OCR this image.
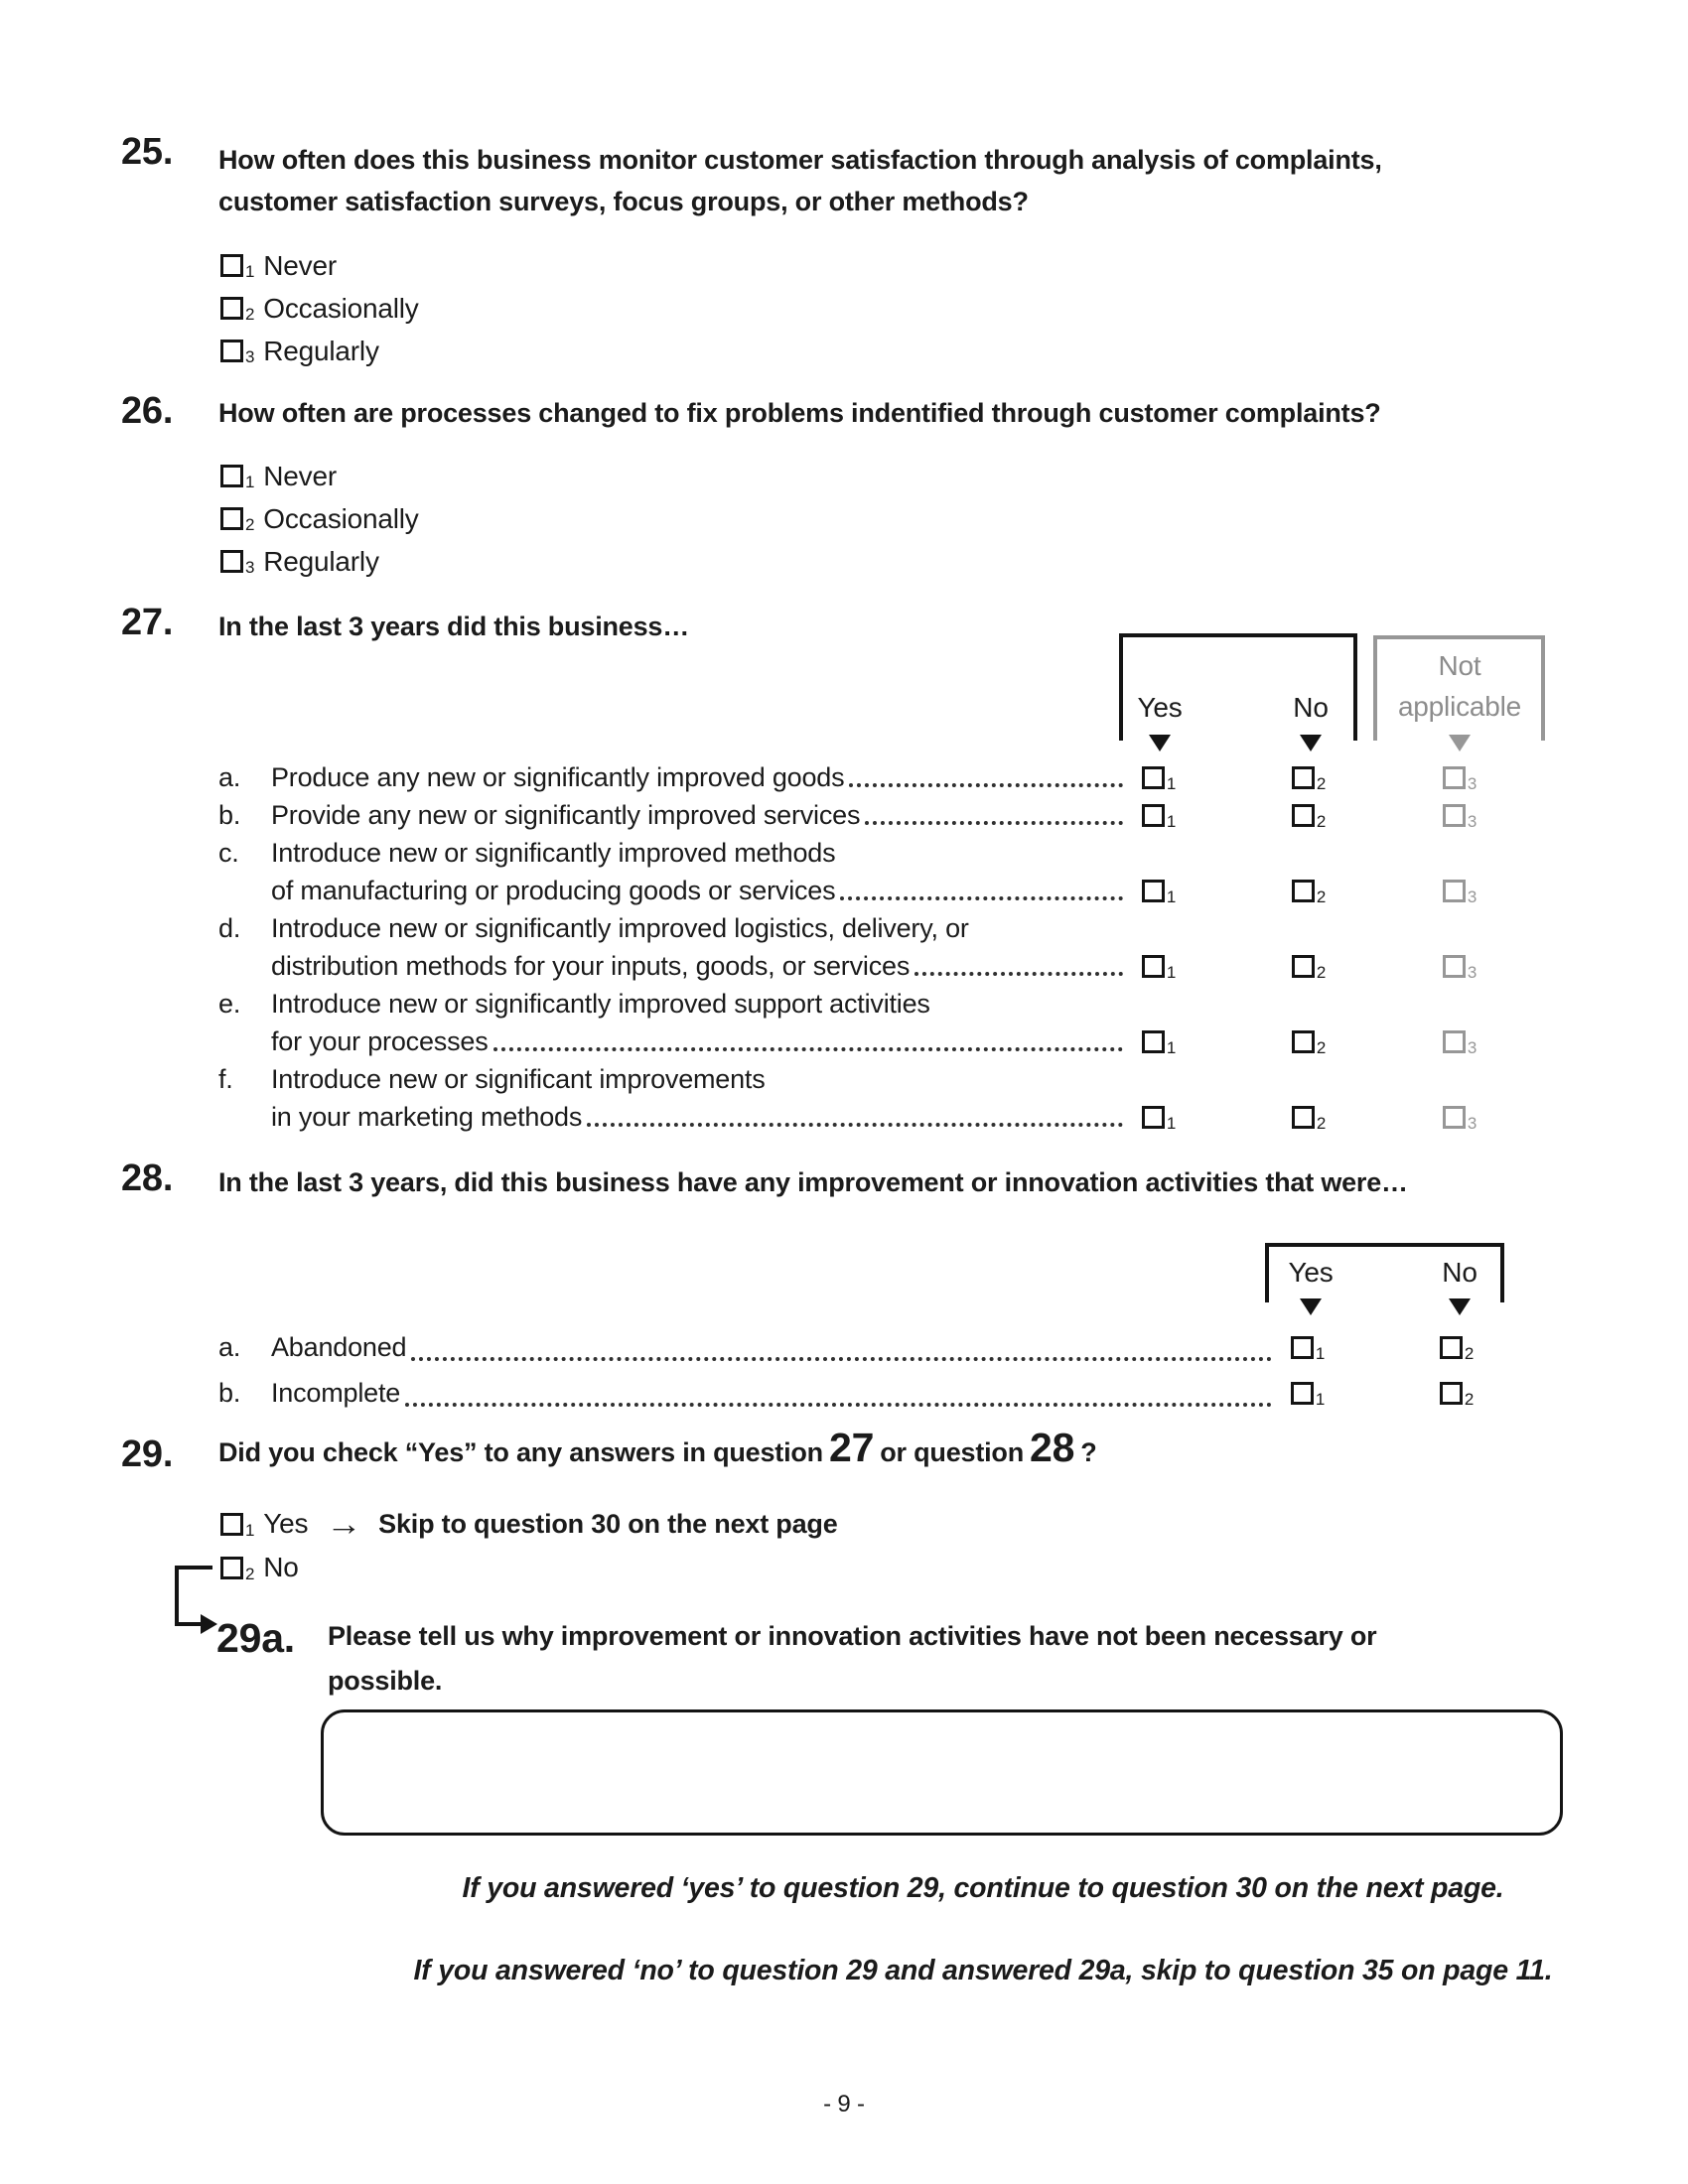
25. How often does this business monitor customer satisfaction through analysis of complaints,
customer satisfaction surveys, focus groups, or other methods?
1 Never
2 Occasionally
3 Regularly
26. How often are processes changed to fix problems indentified through customer complaints?
1 Never
2 Occasionally
3 Regularly
27. In the last 3 years did this business…
Yes	No
Not
applicable
a.	Produce any new or significantly improved goods	1	2	3
b.	Provide any new or significantly improved services	1	2	3
c.	Introduce new or significantly improved methods
of manufacturing or producing goods or services	1	2	3
d.	Introduce new or significantly improved logistics, delivery, or
distribution methods for your inputs, goods, or services	1	2	3
e.	Introduce new or significantly improved support activities
for your processes	1	2	3
f.	Introduce new or significant improvements
in your marketing methods	1	2	3
28. In the last 3 years, did this business have any improvement or innovation activities that were…
Yes	No
a.	Abandoned	1	2
b.	Incomplete	1	2
29. Did you check “Yes” to any answers in question 27 or question 28 ?
1 Yes → Skip to question 30 on the next page
2 No
29a. Please tell us why improvement or innovation activities have not been necessary or
possible.
If you answered ‘yes’ to question 29, continue to question 30 on the next page.
If you answered ‘no’ to question 29 and answered 29a, skip to question 35 on page 11.
- 9 -
